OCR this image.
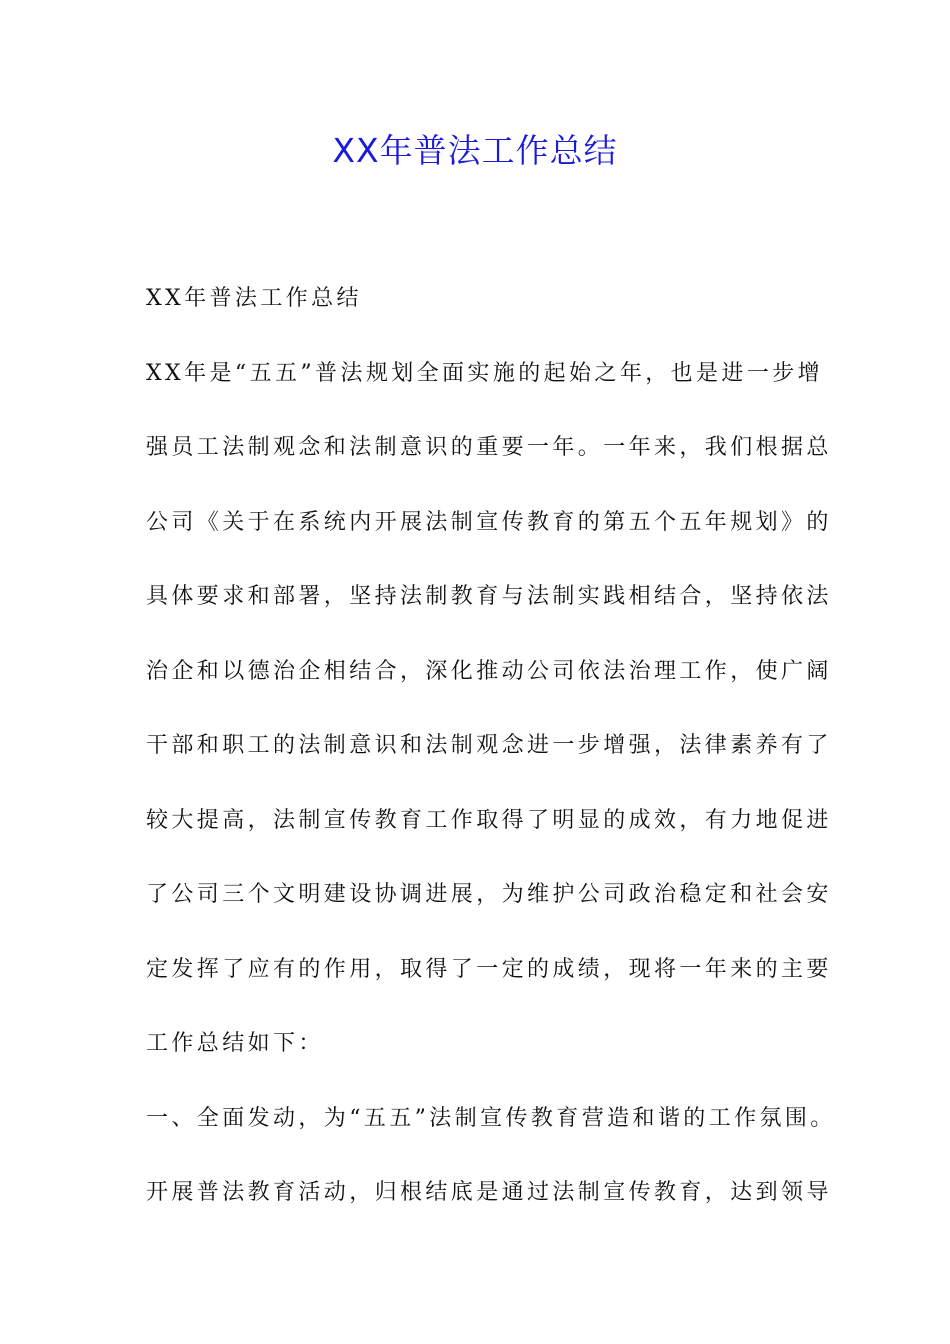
XX年普法工作总结
XX年普法工作总结
XX年是“五五”普法规划全面实施的起始之年，也是进一步增
强员工法制观念和法制意识的重要一年。一年来，我们根据总
公司《关于在系统内开展法制宣传教育的第五个五年规划》的
具体要求和部署，坚持法制教育与法制实践相结合，坚持依法
治企和以德治企相结合，深化推动公司依法治理工作，使广阔
干部和职工的法制意识和法制观念进一步增强，法律素养有了
较大提高，法制宣传教育工作取得了明显的成效，有力地促进
了公司三个文明建设协调进展，为维护公司政治稳定和社会安
定发挥了应有的作用，取得了一定的成绩，现将一年来的主要
工作总结如下：
一、全面发动，为“五五”法制宣传教育营造和谐的工作氛围。
开展普法教育活动，归根结底是通过法制宣传教育，达到领导
